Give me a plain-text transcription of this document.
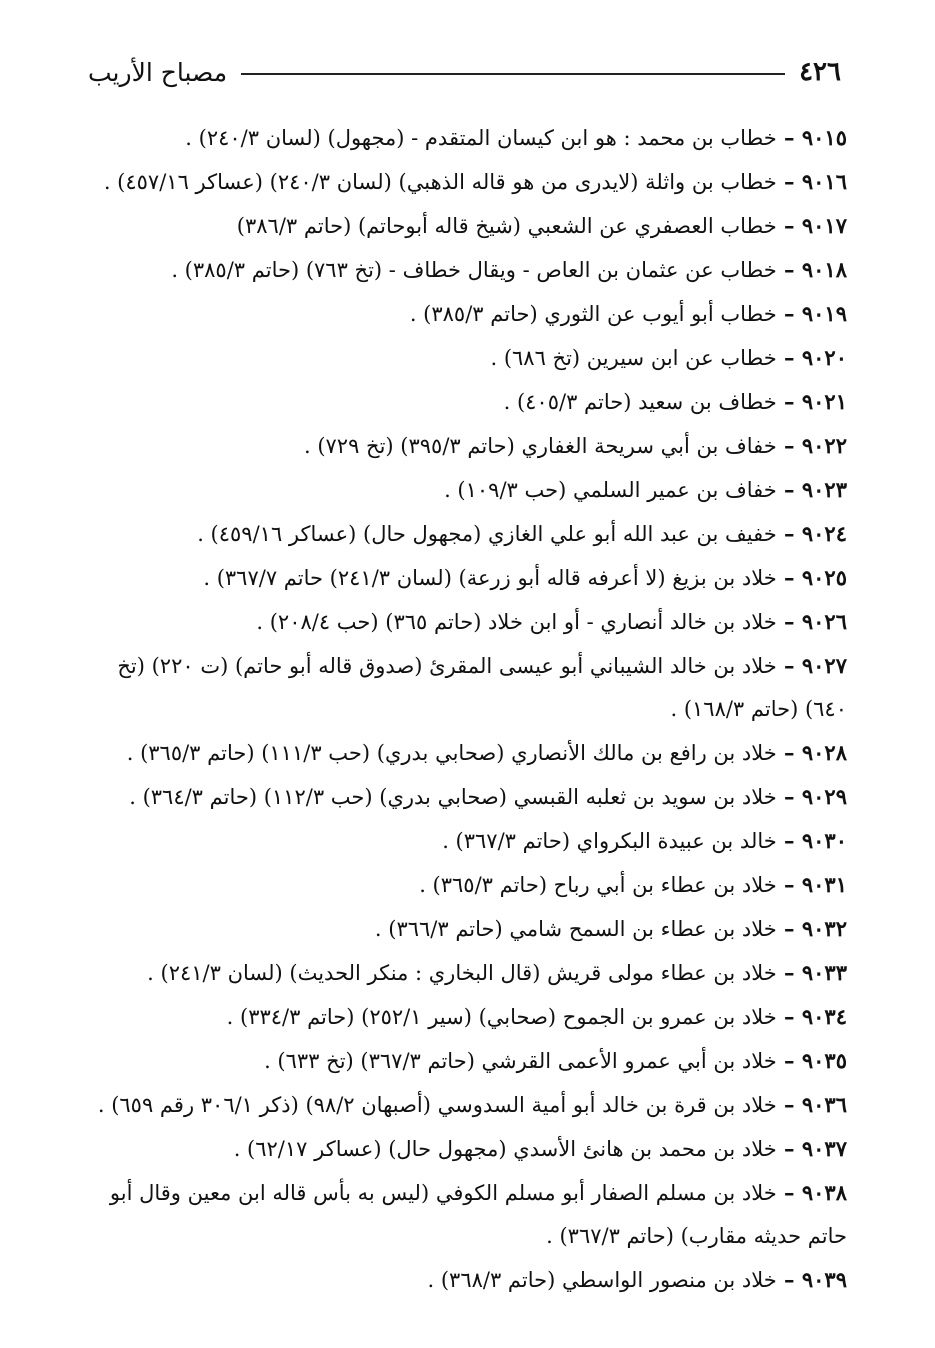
٤٢٦
مصباح الأريب
٩٠١٥ – خطاب بن محمد : هو ابن كيسان المتقدم - (مجهول) (لسان ٢٤٠/٣) .
٩٠١٦ – خطاب بن واثلة (لايدرى من هو قاله الذهبي) (لسان ٢٤٠/٣) (عساكر ٤٥٧/١٦) .
٩٠١٧ – خطاب العصفري عن الشعبي (شيخ قاله أبوحاتم) (حاتم ٣٨٦/٣)
٩٠١٨ – خطاب عن عثمان بن العاص - ويقال خطاف - (تخ ٧٦٣) (حاتم ٣٨٥/٣) .
٩٠١٩ – خطاب أبو أيوب عن الثوري (حاتم ٣٨٥/٣) .
٩٠٢٠ – خطاب عن ابن سيرين (تخ ٦٨٦) .
٩٠٢١ – خطاف بن سعيد (حاتم ٤٠٥/٣) .
٩٠٢٢ – خفاف بن أبي سريحة الغفاري (حاتم ٣٩٥/٣) (تخ ٧٢٩) .
٩٠٢٣ – خفاف بن عمير السلمي (حب ١٠٩/٣) .
٩٠٢٤ – خفيف بن عبد الله أبو علي الغازي (مجهول حال) (عساكر ٤٥٩/١٦) .
٩٠٢٥ – خلاد بن بزيغ (لا أعرفه قاله أبو زرعة) (لسان ٢٤١/٣) حاتم ٣٦٧/٧) .
٩٠٢٦ – خلاد بن خالد أنصاري - أو ابن خلاد (حاتم ٣٦٥) (حب ٢٠٨/٤) .
٩٠٢٧ – خلاد بن خالد الشيباني أبو عيسى المقرئ (صدوق قاله أبو حاتم) (ت ٢٢٠) (تخ ٦٤٠) (حاتم ١٦٨/٣) .
٩٠٢٨ – خلاد بن رافع بن مالك الأنصاري (صحابي بدري) (حب ١١١/٣) (حاتم ٣٦٥/٣) .
٩٠٢٩ – خلاد بن سويد بن ثعلبه القبسي (صحابي بدري) (حب ١١٢/٣) (حاتم ٣٦٤/٣) .
٩٠٣٠ – خالد بن عبيدة البكرواي (حاتم ٣٦٧/٣) .
٩٠٣١ – خلاد بن عطاء بن أبي رباح (حاتم ٣٦٥/٣) .
٩٠٣٢ – خلاد بن عطاء بن السمح شامي (حاتم ٣٦٦/٣) .
٩٠٣٣ – خلاد بن عطاء مولى قريش (قال البخاري : منكر الحديث) (لسان ٢٤١/٣) .
٩٠٣٤ – خلاد بن عمرو بن الجموح (صحابي) (سير ٢٥٢/١) (حاتم ٣٣٤/٣) .
٩٠٣٥ – خلاد بن أبي عمرو الأعمى القرشي (حاتم ٣٦٧/٣) (تخ ٦٣٣) .
٩٠٣٦ – خلاد بن قرة بن خالد أبو أمية السدوسي (أصبهان ٩٨/٢) (ذكر ٣٠٦/١ رقم ٦٥٩) .
٩٠٣٧ – خلاد بن محمد بن هانئ الأسدي (مجهول حال) (عساكر ٦٢/١٧) .
٩٠٣٨ – خلاد بن مسلم الصفار أبو مسلم الكوفي (ليس به بأس قاله ابن معين وقال أبو حاتم حديثه مقارب) (حاتم ٣٦٧/٣) .
٩٠٣٩ – خلاد بن منصور الواسطي (حاتم ٣٦٨/٣) .
